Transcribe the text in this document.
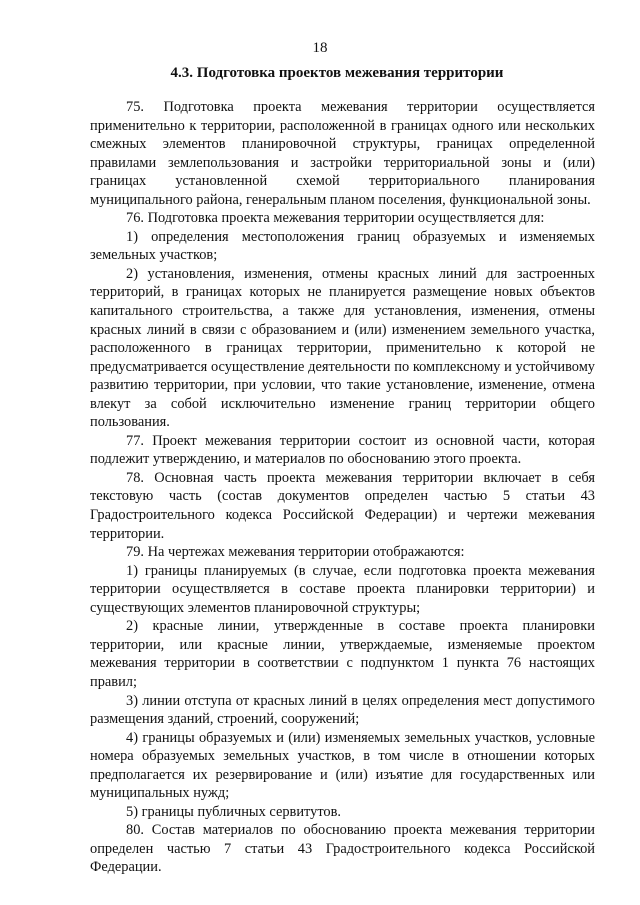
18
4.3. Подготовка проектов межевания территории

75. Подготовка проекта межевания территории осуществляется применительно к территории, расположенной в границах одного или нескольких смежных элементов планировочной структуры, границах определенной правилами землепользования и застройки территориальной зоны и (или) границах установленной схемой территориального планирования муниципального района, генеральным планом поселения, функциональной зоны.

76. Подготовка проекта межевания территории осуществляется для:

1) определения местоположения границ образуемых и изменяемых земельных участков;

2) установления, изменения, отмены красных линий для застроенных территорий, в границах которых не планируется размещение новых объектов капитального строительства, а также для установления, изменения, отмены красных линий в связи с образованием и (или) изменением земельного участка, расположенного в границах территории, применительно к которой не предусматривается осуществление деятельности по комплексному и устойчивому развитию территории, при условии, что такие установление, изменение, отмена влекут за собой исключительно изменение границ территории общего пользования.

77. Проект межевания территории состоит из основной части, которая подлежит утверждению, и материалов по обоснованию этого проекта.

78. Основная часть проекта межевания территории включает в себя текстовую часть (состав документов определен частью 5 статьи 43 Градостроительного кодекса Российской Федерации) и чертежи межевания территории.

79. На чертежах межевания территории отображаются:

1) границы планируемых (в случае, если подготовка проекта межевания территории осуществляется в составе проекта планировки территории) и существующих элементов планировочной структуры;

2) красные линии, утвержденные в составе проекта планировки территории, или красные линии, утверждаемые, изменяемые проектом межевания территории в соответствии с подпунктом 1 пункта 76 настоящих правил;

3) линии отступа от красных линий в целях определения мест допустимого размещения зданий, строений, сооружений;

4) границы образуемых и (или) изменяемых земельных участков, условные номера образуемых земельных участков, в том числе в отношении которых предполагается их резервирование и (или) изъятие для государственных или муниципальных нужд;

5) границы публичных сервитутов.

80. Состав материалов по обоснованию проекта межевания территории определен частью 7 статьи 43 Градостроительного кодекса Российской Федерации.
